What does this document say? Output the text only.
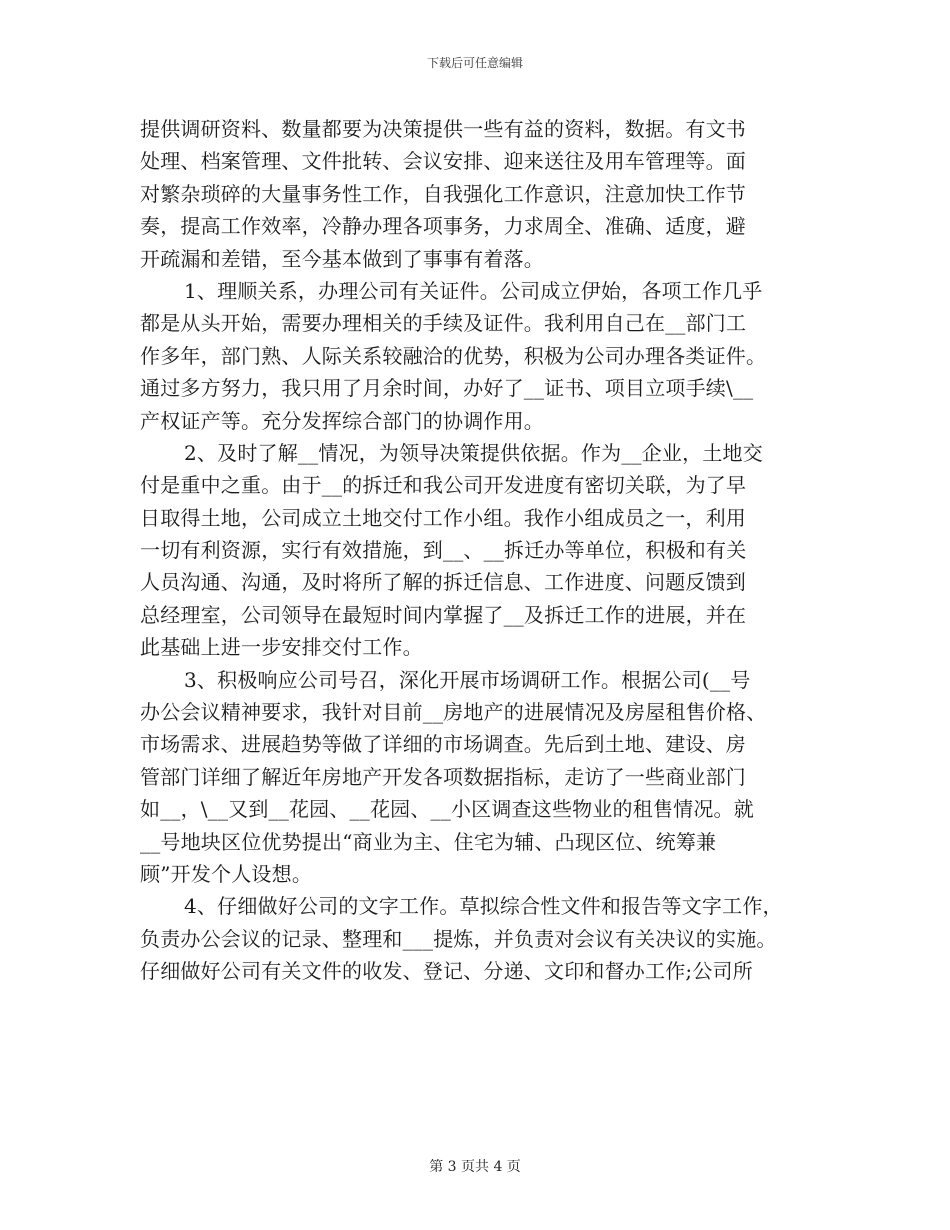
下载后可任意编辑
提供调研资料、数量都要为决策提供一些有益的资料，数据。有文书
处理、档案管理、文件批转、会议安排、迎来送往及用车管理等。面
对繁杂琐碎的大量事务性工作，自我强化工作意识，注意加快工作节
奏，提高工作效率，冷静办理各项事务，力求周全、准确、适度，避
开疏漏和差错，至今基本做到了事事有着落。
1、理顺关系，办理公司有关证件。公司成立伊始，各项工作几乎
都是从头开始，需要办理相关的手续及证件。我利用自己在__部门工
作多年，部门熟、人际关系较融洽的优势，积极为公司办理各类证件。
通过多方努力，我只用了月余时间，办好了__证书、项目立项手续\__
产权证产等。充分发挥综合部门的协调作用。
2、及时了解__情况，为领导决策提供依据。作为__企业，土地交
付是重中之重。由于__的拆迁和我公司开发进度有密切关联，为了早
日取得土地，公司成立土地交付工作小组。我作小组成员之一，利用
一切有利资源，实行有效措施，到__、__拆迁办等单位，积极和有关
人员沟通、沟通，及时将所了解的拆迁信息、工作进度、问题反馈到
总经理室，公司领导在最短时间内掌握了__及拆迁工作的进展，并在
此基础上进一步安排交付工作。
3、积极响应公司号召，深化开展市场调研工作。根据公司(__号
办公会议精神要求，我针对目前__房地产的进展情况及房屋租售价格、
市场需求、进展趋势等做了详细的市场调查。先后到土地、建设、房
管部门详细了解近年房地产开发各项数据指标，走访了一些商业部门
如__，\__又到__花园、__花园、__小区调查这些物业的租售情况。就
__号地块区位优势提出“商业为主、住宅为辅、凸现区位、统筹兼
顾”开发个人设想。
4、仔细做好公司的文字工作。草拟综合性文件和报告等文字工作，
负责办公会议的记录、整理和___提炼，并负责对会议有关决议的实施。
仔细做好公司有关文件的收发、登记、分递、文印和督办工作;公司所
第 3 页共 4 页
